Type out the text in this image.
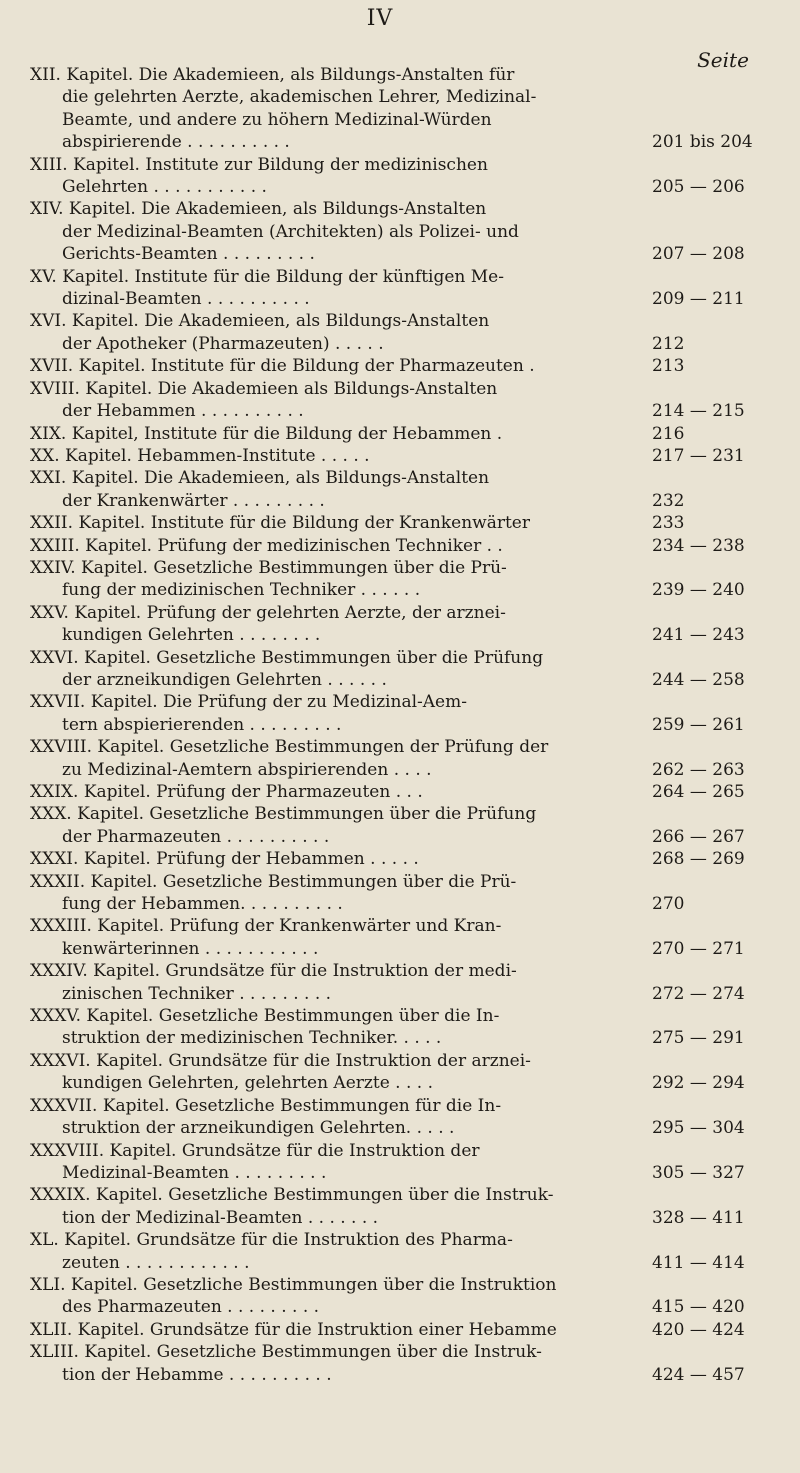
IV
Seite
XII. Kapitel. Die Akademieen, als Bildungs-Anstalten für
die gelehrten Aerzte, akademischen Lehrer, Medizinal-
Beamte, und andere zu höhern Medizinal-Würden
abspirierende . . . . . . . . . .	201 bis 204
XIII. Kapitel. Institute zur Bildung der medizinischen
Gelehrten . . . . . . . . . . .	205 — 206
XIV. Kapitel. Die Akademieen, als Bildungs-Anstalten
der Medizinal-Beamten (Architekten) als Polizei- und
Gerichts-Beamten . . . . . . . . .	207 — 208
XV. Kapitel. Institute für die Bildung der künftigen Me-
dizinal-Beamten . . . . . . . . . .	209 — 211
XVI. Kapitel. Die Akademieen, als Bildungs-Anstalten
der Apotheker (Pharmazeuten) . . . . .	212
XVII. Kapitel. Institute für die Bildung der Pharmazeuten .	213
XVIII. Kapitel. Die Akademieen als Bildungs-Anstalten
der Hebammen . . . . . . . . . .	214 — 215
XIX. Kapitel, Institute für die Bildung der Hebammen .	216
XX. Kapitel. Hebammen-Institute . . . . .	217 — 231
XXI. Kapitel. Die Akademieen, als Bildungs-Anstalten
der Krankenwärter . . . . . . . . .	232
XXII. Kapitel. Institute für die Bildung der Krankenwärter	233
XXIII. Kapitel. Prüfung der medizinischen Techniker . .	234 — 238
XXIV. Kapitel. Gesetzliche Bestimmungen über die Prü-
fung der medizinischen Techniker . . . . . .	239 — 240
XXV. Kapitel. Prüfung der gelehrten Aerzte, der arznei-
kundigen Gelehrten . . . . . . . .	241 — 243
XXVI. Kapitel. Gesetzliche Bestimmungen über die Prüfung
der arzneikundigen Gelehrten . . . . . .	244 — 258
XXVII. Kapitel. Die Prüfung der zu Medizinal-Aem-
tern abspierierenden . . . . . . . . .	259 — 261
XXVIII. Kapitel. Gesetzliche Bestimmungen der Prüfung der
zu Medizinal-Aemtern abspirierenden . . . .	262 — 263
XXIX. Kapitel. Prüfung der Pharmazeuten . . .	264 — 265
XXX. Kapitel. Gesetzliche Bestimmungen über die Prüfung
der Pharmazeuten . . . . . . . . . .	266 — 267
XXXI. Kapitel. Prüfung der Hebammen . . . . .	268 — 269
XXXII. Kapitel. Gesetzliche Bestimmungen über die Prü-
fung der Hebammen. . . . . . . . . .	270
XXXIII. Kapitel. Prüfung der Krankenwärter und Kran-
kenwärterinnen . . . . . . . . . . .	270 — 271
XXXIV. Kapitel. Grundsätze für die Instruktion der medi-
zinischen Techniker . . . . . . . . .	272 — 274
XXXV. Kapitel. Gesetzliche Bestimmungen über die In-
struktion der medizinischen Techniker. . . . .	275 — 291
XXXVI. Kapitel. Grundsätze für die Instruktion der arznei-
kundigen Gelehrten, gelehrten Aerzte . . . .	292 — 294
XXXVII. Kapitel. Gesetzliche Bestimmungen für die In-
struktion der arzneikundigen Gelehrten. . . . .	295 — 304
XXXVIII. Kapitel. Grundsätze für die Instruktion der
Medizinal-Beamten . . . . . . . . .	305 — 327
XXXIX. Kapitel. Gesetzliche Bestimmungen über die Instruk-
tion der Medizinal-Beamten . . . . . . .	328 — 411
XL. Kapitel. Grundsätze für die Instruktion des Pharma-
zeuten . . . . . . . . . . . .	411 — 414
XLI. Kapitel. Gesetzliche Bestimmungen über die Instruktion
des Pharmazeuten . . . . . . . . .	415 — 420
XLII. Kapitel. Grundsätze für die Instruktion einer Hebamme	420 — 424
XLIII. Kapitel. Gesetzliche Bestimmungen über die Instruk-
tion der Hebamme . . . . . . . . . .	424 — 457
